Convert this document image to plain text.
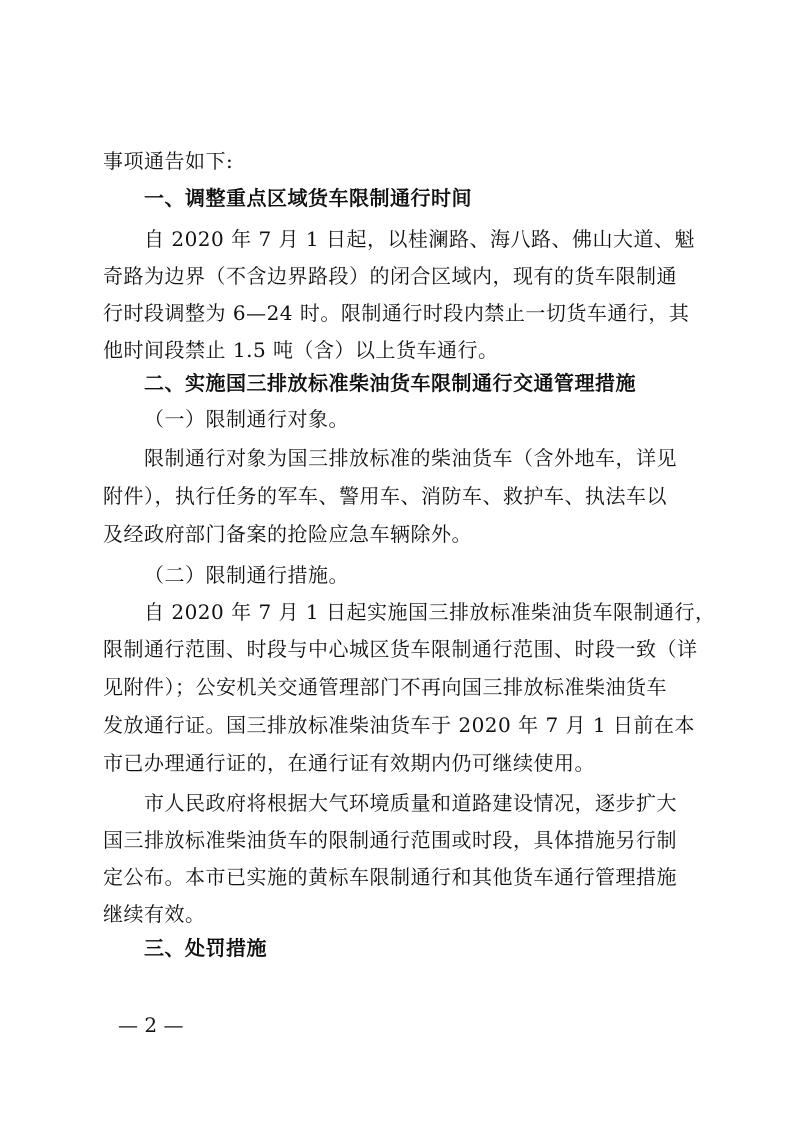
事项通告如下:
一、调整重点区域货车限制通行时间
自 2020 年 7 月 1 日起，以桂澜路、海八路、佛山大道、魁
奇路为边界（不含边界路段）的闭合区域内，现有的货车限制通
行时段调整为 6—24 时。限制通行时段内禁止一切货车通行，其
他时间段禁止 1.5 吨（含）以上货车通行。
二、实施国三排放标准柴油货车限制通行交通管理措施
（一）限制通行对象。
限制通行对象为国三排放标准的柴油货车（含外地车，详见
附件），执行任务的军车、警用车、消防车、救护车、执法车以
及经政府部门备案的抢险应急车辆除外。
（二）限制通行措施。
自 2020 年 7 月 1 日起实施国三排放标准柴油货车限制通行，
限制通行范围、时段与中心城区货车限制通行范围、时段一致（详
见附件）；公安机关交通管理部门不再向国三排放标准柴油货车
发放通行证。国三排放标准柴油货车于 2020 年 7 月 1 日前在本
市已办理通行证的，在通行证有效期内仍可继续使用。
市人民政府将根据大气环境质量和道路建设情况，逐步扩大
国三排放标准柴油货车的限制通行范围或时段，具体措施另行制
定公布。本市已实施的黄标车限制通行和其他货车通行管理措施
继续有效。
三、处罚措施
— 2 —
